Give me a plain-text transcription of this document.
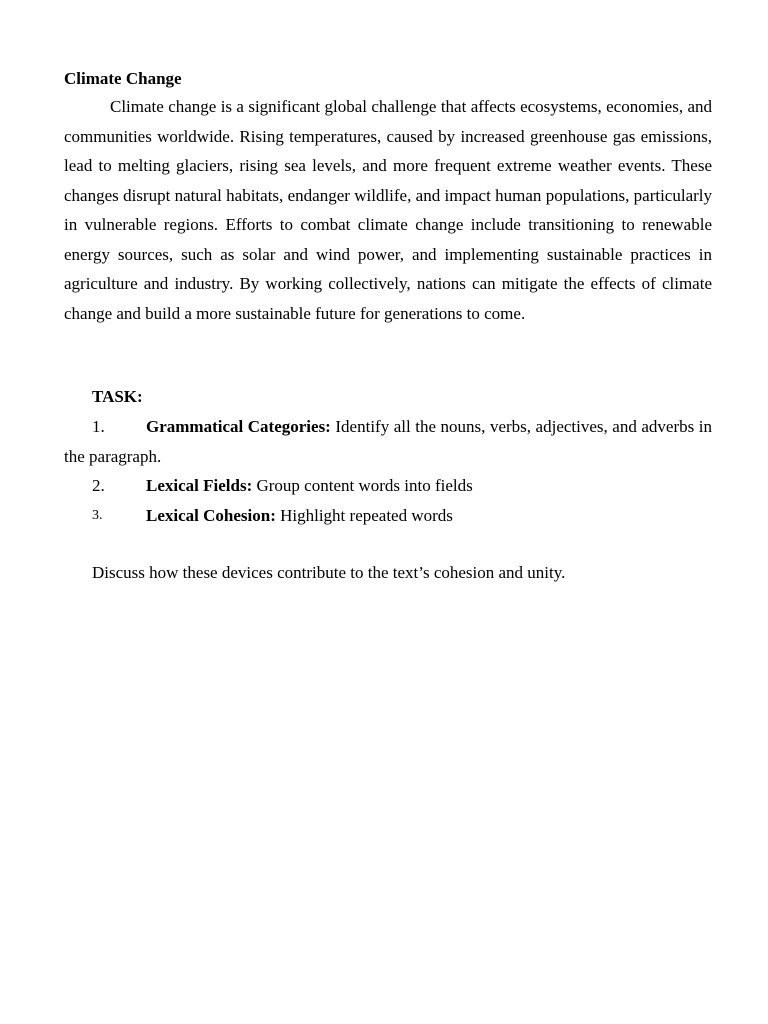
Climate Change

Climate change is a significant global challenge that affects ecosystems, economies, and communities worldwide. Rising temperatures, caused by increased greenhouse gas emissions, lead to melting glaciers, rising sea levels, and more frequent extreme weather events. These changes disrupt natural habitats, endanger wildlife, and impact human populations, particularly in vulnerable regions. Efforts to combat climate change include transitioning to renewable energy sources, such as solar and wind power, and implementing sustainable practices in agriculture and industry. By working collectively, nations can mitigate the effects of climate change and build a more sustainable future for generations to come.

TASK:

1.	Grammatical Categories: Identify all the nouns, verbs, adjectives, and adverbs in the paragraph.
2.	Lexical Fields: Group content words into fields
3.	Lexical Cohesion: Highlight repeated words

Discuss how these devices contribute to the text’s cohesion and unity.
